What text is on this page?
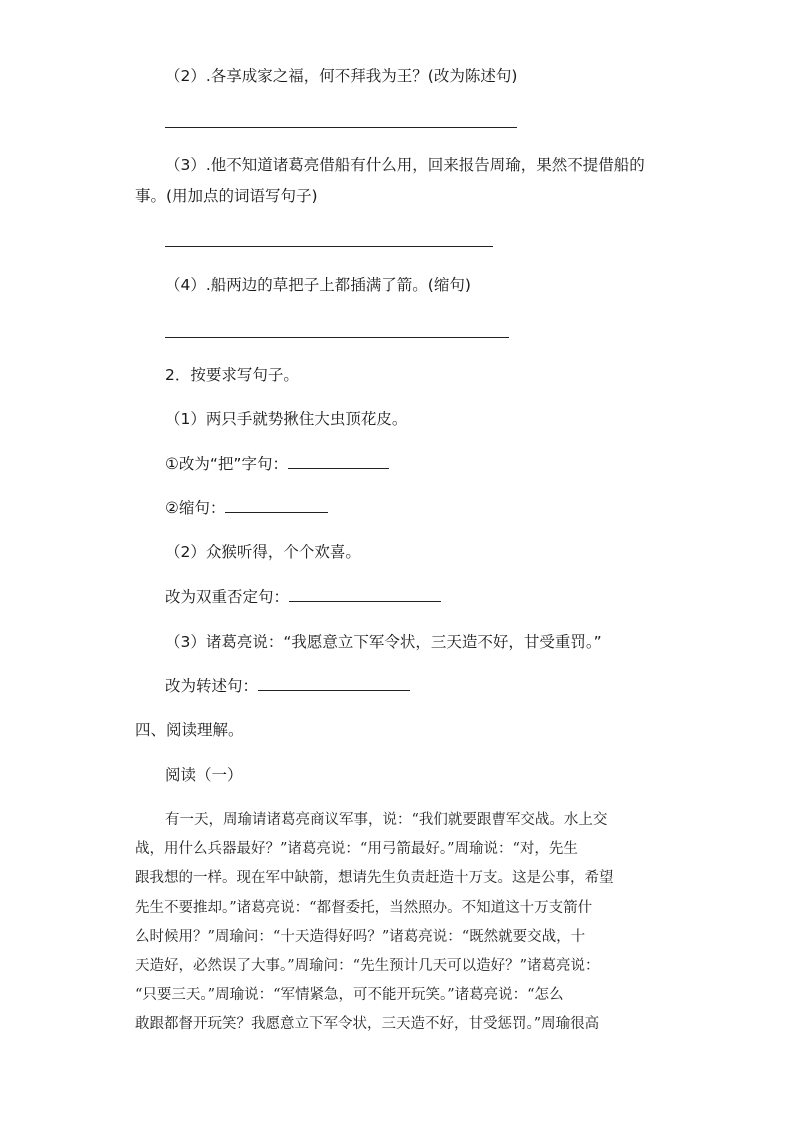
（2）.各享成家之福，何不拜我为王？(改为陈述句)
（3）.他不知道诸葛亮借船有什么用，回来报告周瑜，果然不提借船的
事。(用加点的词语写句子)
（4）.船两边的草把子上都插满了箭。(缩句)
2．按要求写句子。
（1）两只手就势揪住大虫顶花皮。
①改为“把”字句：
②缩句：
（2）众猴听得，个个欢喜。
改为双重否定句：
（3）诸葛亮说：“我愿意立下军令状，三天造不好，甘受重罚。”
改为转述句：
四、阅读理解。
阅读（一）

有一天，周瑜请诸葛亮商议军事，说：“我们就要跟曹军交战。水上交

战，用什么兵器最好？”诸葛亮说：“用弓箭最好。”周瑜说：“对，先生

跟我想的一样。现在军中缺箭，想请先生负责赶造十万支。这是公事，希望

先生不要推却。”诸葛亮说：“都督委托，当然照办。不知道这十万支箭什

么时候用？”周瑜问：“十天造得好吗？”诸葛亮说：“既然就要交战，十

天造好，必然误了大事。”周瑜问：“先生预计几天可以造好？”诸葛亮说：

“只要三天。”周瑜说：“军情紧急，可不能开玩笑。”诸葛亮说：“怎么

敢跟都督开玩笑？我愿意立下军令状，三天造不好，甘受惩罚。”周瑜很高
